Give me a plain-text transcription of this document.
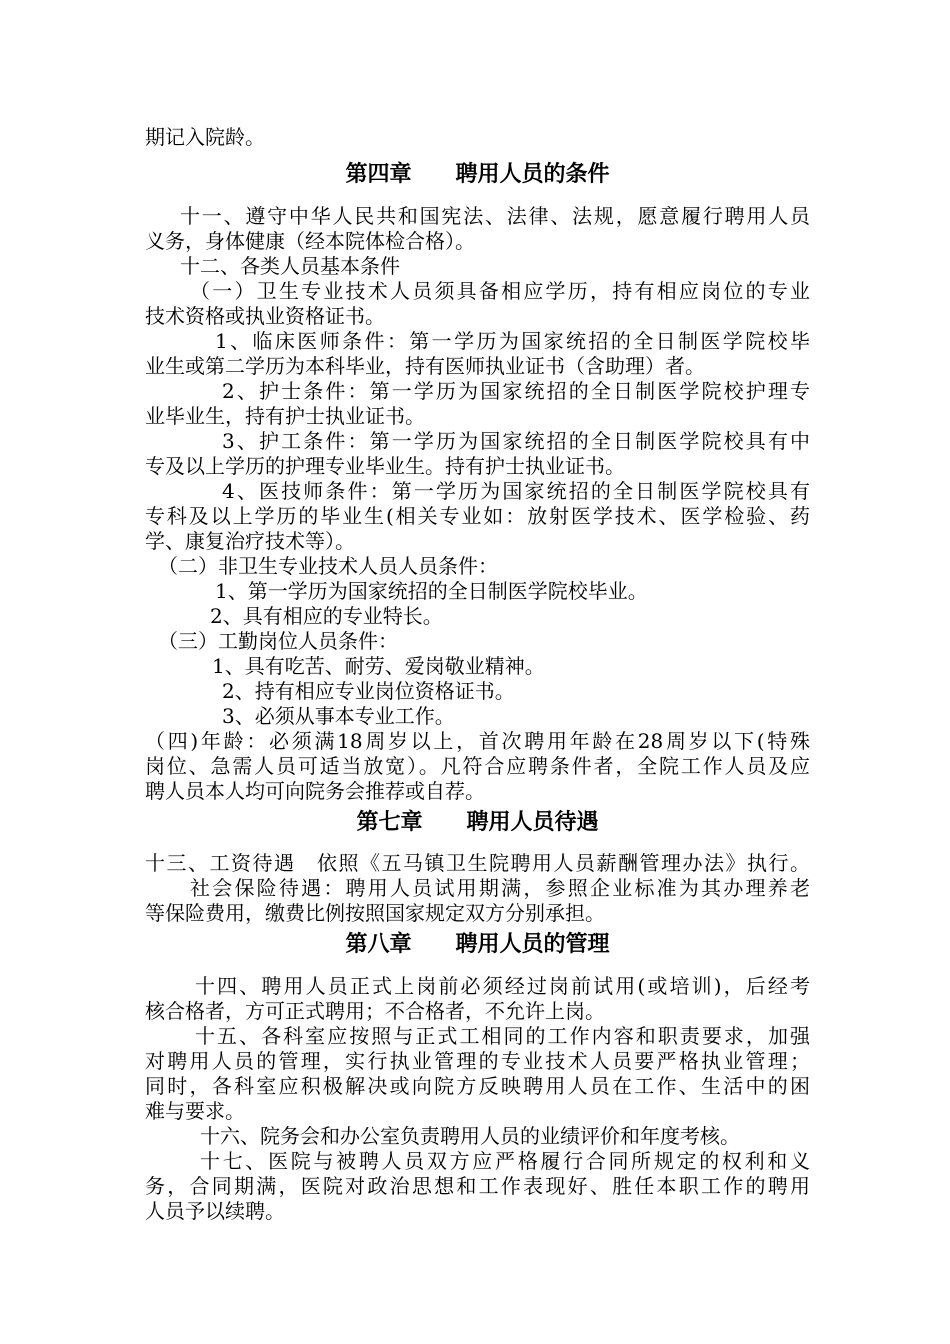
期记入院龄。
第四章　　聘用人员的条件
十一、遵守中华人民共和国宪法、法律、法规，愿意履行聘用人员
义务，身体健康（经本院体检合格）。
十二、各类人员基本条件
（一）卫生专业技术人员须具备相应学历，持有相应岗位的专业
技术资格或执业资格证书。
1、临床医师条件：第一学历为国家统招的全日制医学院校毕
业生或第二学历为本科毕业，持有医师执业证书（含助理）者。
2、护士条件：第一学历为国家统招的全日制医学院校护理专
业毕业生，持有护士执业证书。
3、护工条件：第一学历为国家统招的全日制医学院校具有中
专及以上学历的护理专业毕业生。持有护士执业证书。
4、医技师条件：第一学历为国家统招的全日制医学院校具有
专科及以上学历的毕业生(相关专业如：放射医学技术、医学检验、药
学、康复治疗技术等）。
（二）非卫生专业技术人员人员条件：
1、第一学历为国家统招的全日制医学院校毕业。
2、具有相应的专业特长。
（三）工勤岗位人员条件：
1、具有吃苦、耐劳、爱岗敬业精神。
2、持有相应专业岗位资格证书。
3、必须从事本专业工作。
（四)年龄：必须满18周岁以上，首次聘用年龄在28周岁以下(特殊
岗位、急需人员可适当放宽）。凡符合应聘条件者，全院工作人员及应
聘人员本人均可向院务会推荐或自荐。
第七章　　聘用人员待遇
十三、工资待遇　依照《五马镇卫生院聘用人员薪酬管理办法》执行。
社会保险待遇：聘用人员试用期满，参照企业标准为其办理养老
等保险费用，缴费比例按照国家规定双方分别承担。
第八章　　聘用人员的管理
十四、聘用人员正式上岗前必须经过岗前试用(或培训)，后经考
核合格者，方可正式聘用；不合格者，不允许上岗。
十五、各科室应按照与正式工相同的工作内容和职责要求，加强
对聘用人员的管理，实行执业管理的专业技术人员要严格执业管理；
同时，各科室应积极解决或向院方反映聘用人员在工作、生活中的困
难与要求。
十六、院务会和办公室负责聘用人员的业绩评价和年度考核。
十七、医院与被聘人员双方应严格履行合同所规定的权利和义
务，合同期满，医院对政治思想和工作表现好、胜任本职工作的聘用
人员予以续聘。
